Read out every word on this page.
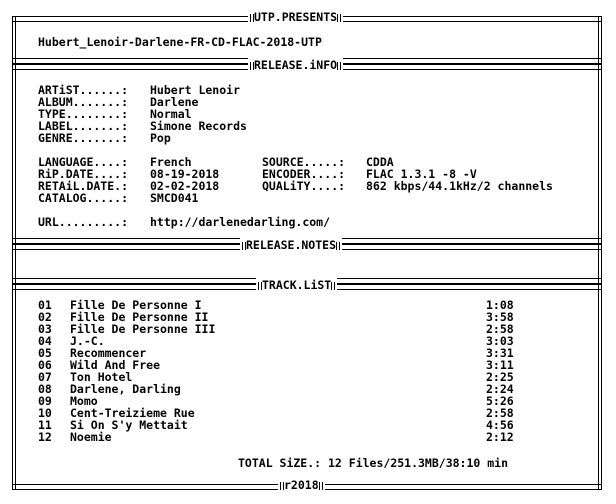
UTP.PRESENTS
Hubert_Lenoir-Darlene-FR-CD-FLAC-2018-UTP
RELEASE.iNFO
ARTiST......: Hubert Lenoir
ALBUM.......: Darlene
TYPE........: Normal
LABEL.......: Simone Records
GENRE.......: Pop
LANGUAGE....: French
RiP.DATE....: 08-19-2018
RETAiL.DATE.: 02-02-2018
CATALOG.....: SMCD041
SOURCE.....: CDDA
ENCODER....: FLAC 1.3.1 -8 -V
QUALiTY....: 862 kbps/44.1kHz/2 channels
URL.........: http://darlenedarling.com/
RELEASE.NOTES
TRACK.LiST
01 Fille De Personne I	1:08
02 Fille De Personne II	3:58
03 Fille De Personne III	2:58
04 J.-C.	3:03
05 Recommencer	3:31
06 Wild And Free	3:11
07 Ton Hotel	2:25
08 Darlene, Darling	2:24
09 Momo	5:26
10 Cent-Treizieme Rue	2:58
11 Si On S'y Mettait	4:56
12 Noemie	2:12
TOTAL SiZE.: 12 Files/251.3MB/38:10 min
r2018
